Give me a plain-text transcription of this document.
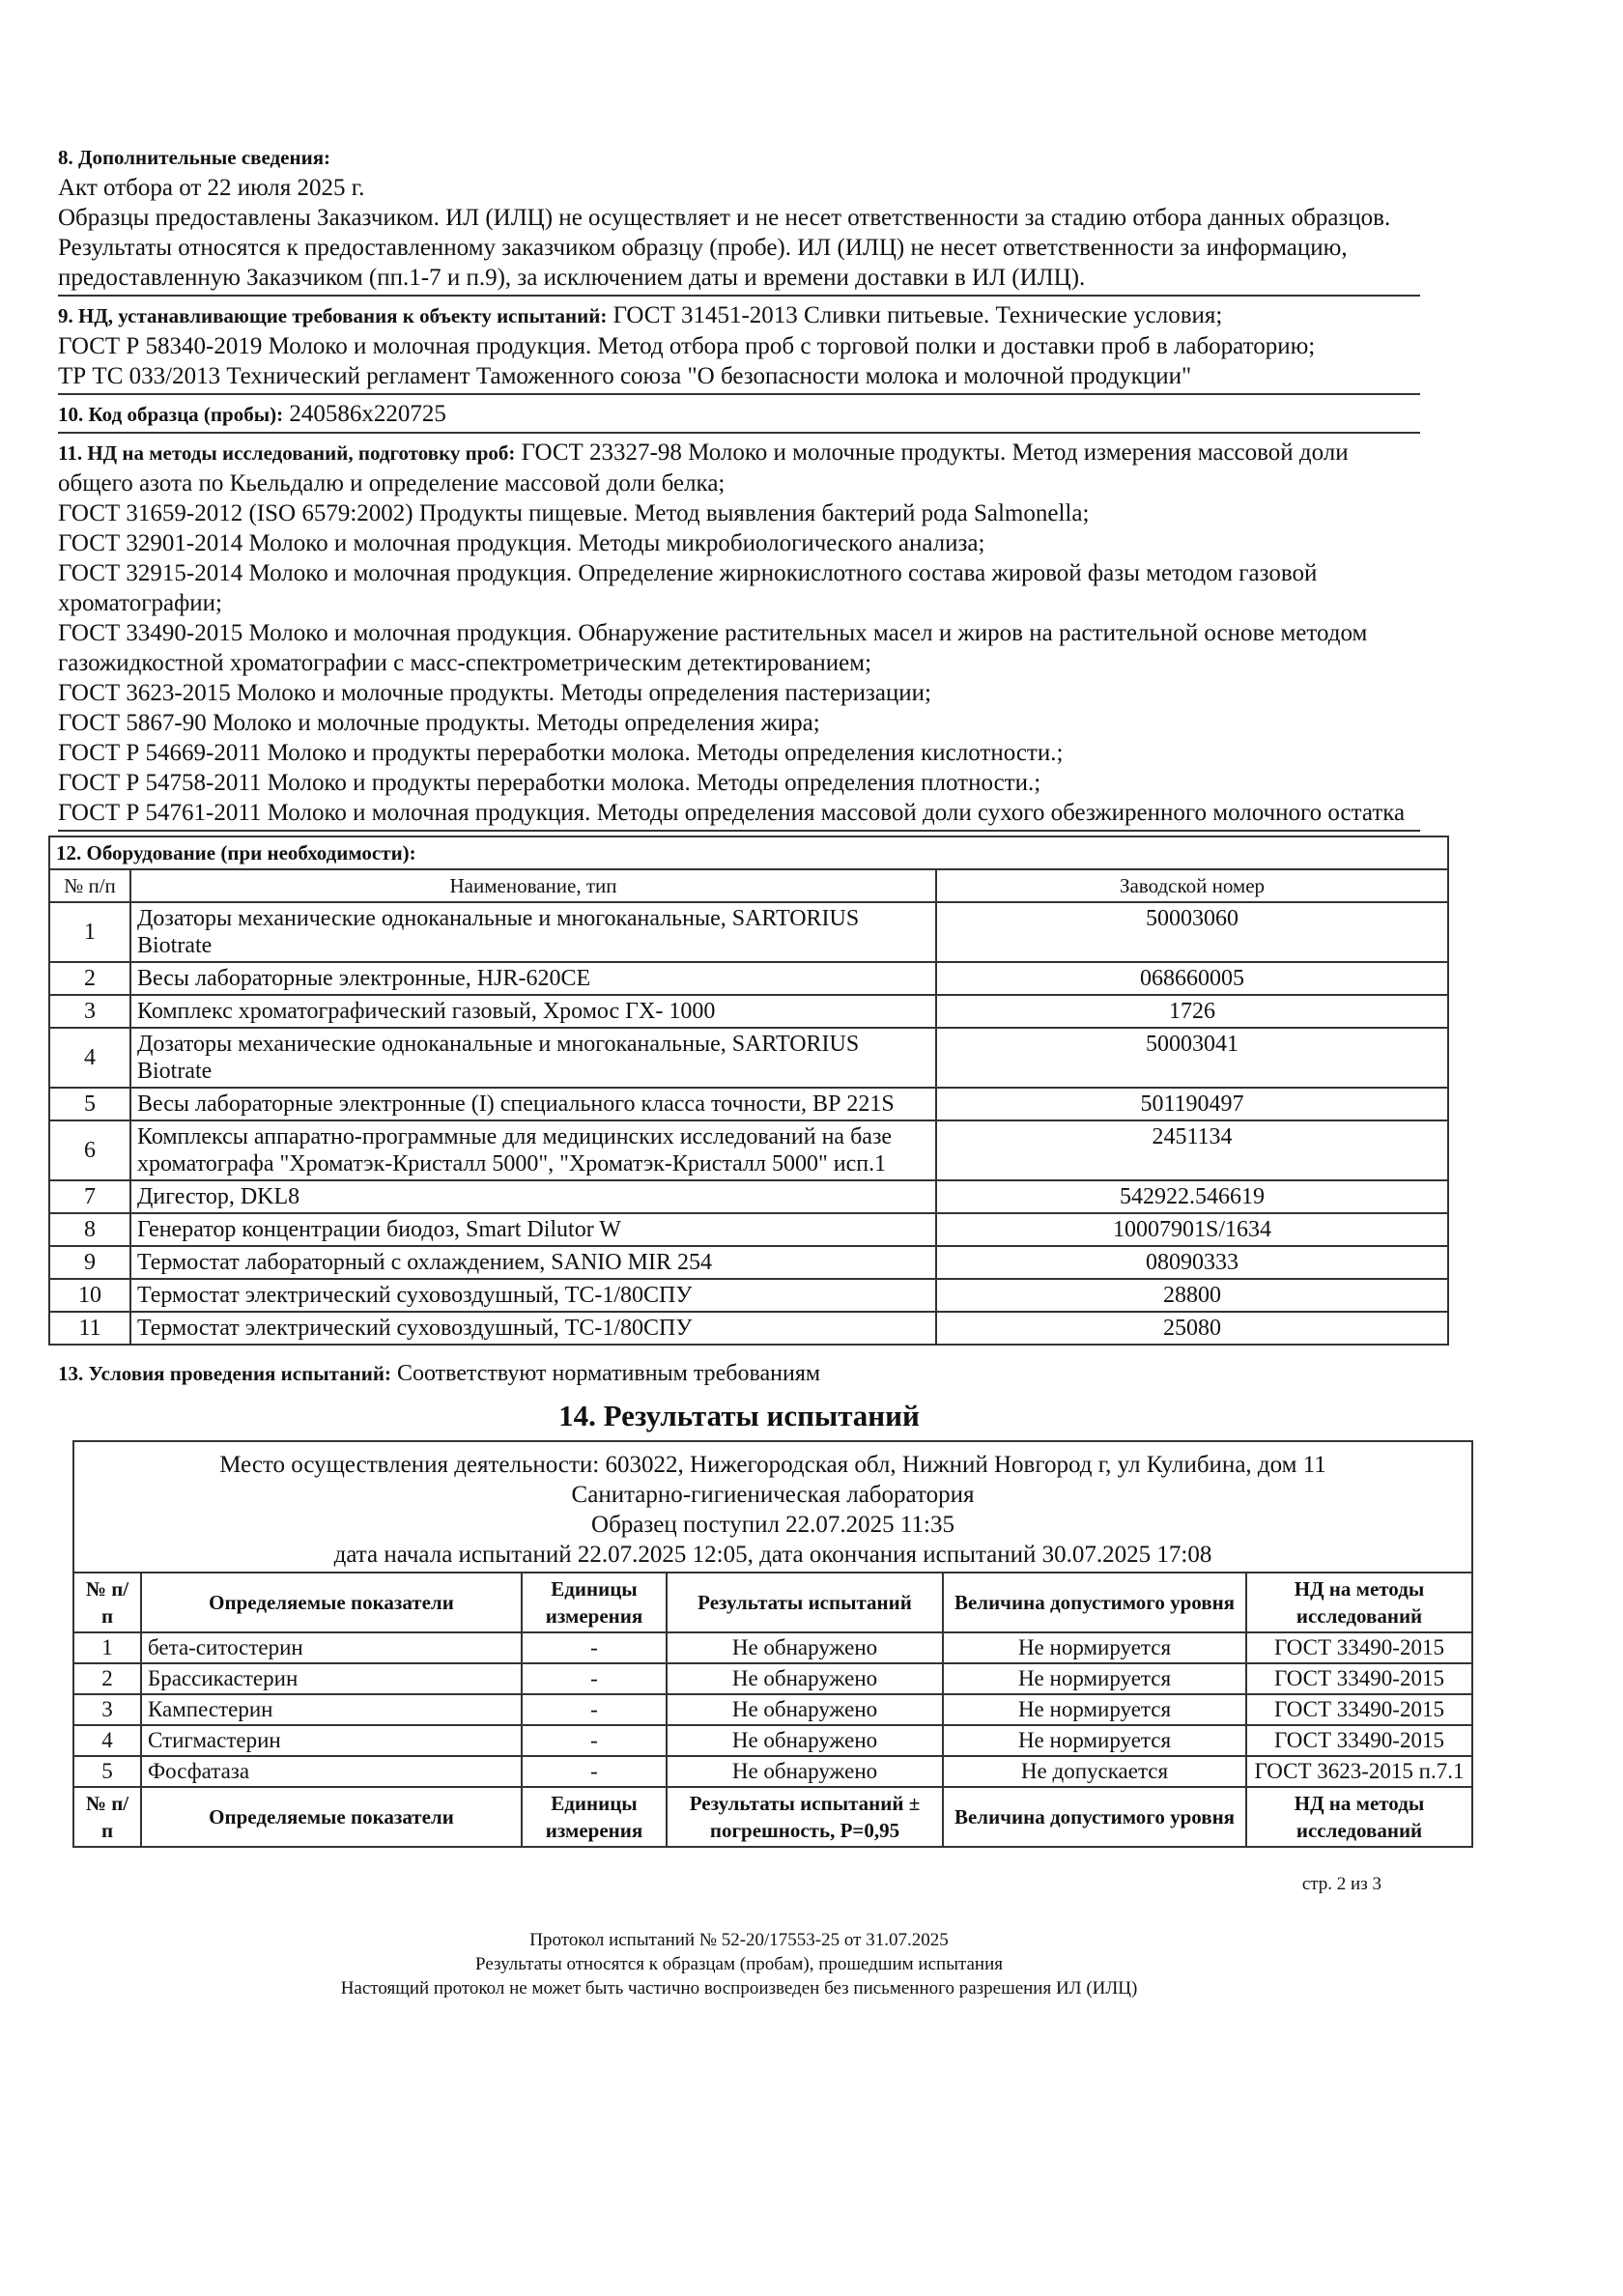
8. Дополнительные сведения:

Акт отбора от 22 июля 2025 г.

Образцы предоставлены Заказчиком. ИЛ (ИЛЦ) не осуществляет и не несет ответственности за стадию отбора данных образцов. Результаты относятся к предоставленному заказчиком образцу (пробе). ИЛ (ИЛЦ) не несет ответственности за информацию, предоставленную Заказчиком (пп.1-7 и п.9), за исключением даты и времени доставки в ИЛ (ИЛЦ).

9. НД, устанавливающие требования к объекту испытаний: ГОСТ 31451-2013 Сливки питьевые. Технические условия;

ГОСТ Р 58340-2019 Молоко и молочная продукция. Метод отбора проб с торговой полки и доставки проб в лабораторию;

ТР ТС 033/2013 Технический регламент Таможенного союза "О безопасности молока и молочной продукции"

10. Код образца (пробы): 240586х220725

11. НД на методы исследований, подготовку проб: ГОСТ 23327-98 Молоко и молочные продукты. Метод измерения массовой доли общего азота по Кьельдалю и определение массовой доли белка;

ГОСТ 31659-2012 (ISO 6579:2002) Продукты пищевые. Метод выявления бактерий рода Salmonella;

ГОСТ 32901-2014 Молоко и молочная продукция. Методы микробиологического анализа;

ГОСТ 32915-2014 Молоко и молочная продукция. Определение жирнокислотного состава жировой фазы методом газовой хроматографии;

ГОСТ 33490-2015 Молоко и молочная продукция. Обнаружение растительных масел и жиров на растительной основе методом газожидкостной хроматографии с масс-спектрометрическим детектированием;

ГОСТ 3623-2015 Молоко и молочные продукты. Методы определения пастеризации;

ГОСТ 5867-90 Молоко и молочные продукты. Методы определения жира;

ГОСТ Р 54669-2011 Молоко и продукты переработки молока. Методы определения кислотности.;

ГОСТ Р 54758-2011 Молоко и продукты переработки молока. Методы определения плотности.;

ГОСТ Р 54761-2011 Молоко и молочная продукция. Методы определения массовой доли сухого обезжиренного молочного остатка

12. Оборудование (при необходимости):		
№ п/п	Наименование, тип	Заводской номер
1	Дозаторы механические одноканальные и многоканальные, SARTORIUS Biotrate	50003060
2	Весы лабораторные электронные, HJR-620CE	068660005
3	Комплекс хроматографический газовый, Хромос ГХ- 1000	1726
4	Дозаторы механические одноканальные и многоканальные, SARTORIUS Biotrate	50003041
5	Весы лабораторные электронные (I) специального класса точности, ВР 221S	501190497
6	Комплексы аппаратно-программные для медицинских исследований на базе хроматографа "Хроматэк-Кристалл 5000", "Хроматэк-Кристалл 5000" исп.1	2451134
7	Дигестор, DKL8	542922.546619
8	Генератор концентрации биодоз, Smart Dilutor W	10007901S/1634
9	Термостат лабораторный с охлаждением, SANIO MIR 254	08090333
10	Термостат электрический суховоздушный, ТС-1/80СПУ	28800
11	Термостат электрический суховоздушный, ТС-1/80СПУ	25080
13. Условия проведения испытаний: Соответствуют нормативным требованиям
14. Результаты испытаний
Место осуществления деятельности: 603022, Нижегородская обл, Нижний Новгород г, ул Кулибина, дом 11
Санитарно-гигиеническая лаборатория
Образец поступил 22.07.2025 11:35
дата начала испытаний 22.07.2025 12:05, дата окончания испытаний 30.07.2025 17:08					

№ п/п	Определяемые показатели	Единицы измерения	Результаты испытаний	Величина допустимого уровня	НД на методы исследований
1	бета-ситостерин	-	Не обнаружено	Не нормируется	ГОСТ 33490-2015
2	Брассикастерин	-	Не обнаружено	Не нормируется	ГОСТ 33490-2015
3	Кампестерин	-	Не обнаружено	Не нормируется	ГОСТ 33490-2015
4	Стигмастерин	-	Не обнаружено	Не нормируется	ГОСТ 33490-2015
5	Фосфатаза	-	Не обнаружено	Не допускается	ГОСТ 3623-2015 п.7.1
№ п/п	Определяемые показатели	Единицы измерения	Результаты испытаний ± погрешность, Р=0,95	Величина допустимого уровня	НД на методы исследований
стр. 2 из 3
Протокол испытаний № 52-20/17553-25 от 31.07.2025
Результаты относятся к образцам (пробам), прошедшим испытания
Настоящий протокол не может быть частично воспроизведен без письменного разрешения ИЛ (ИЛЦ)
